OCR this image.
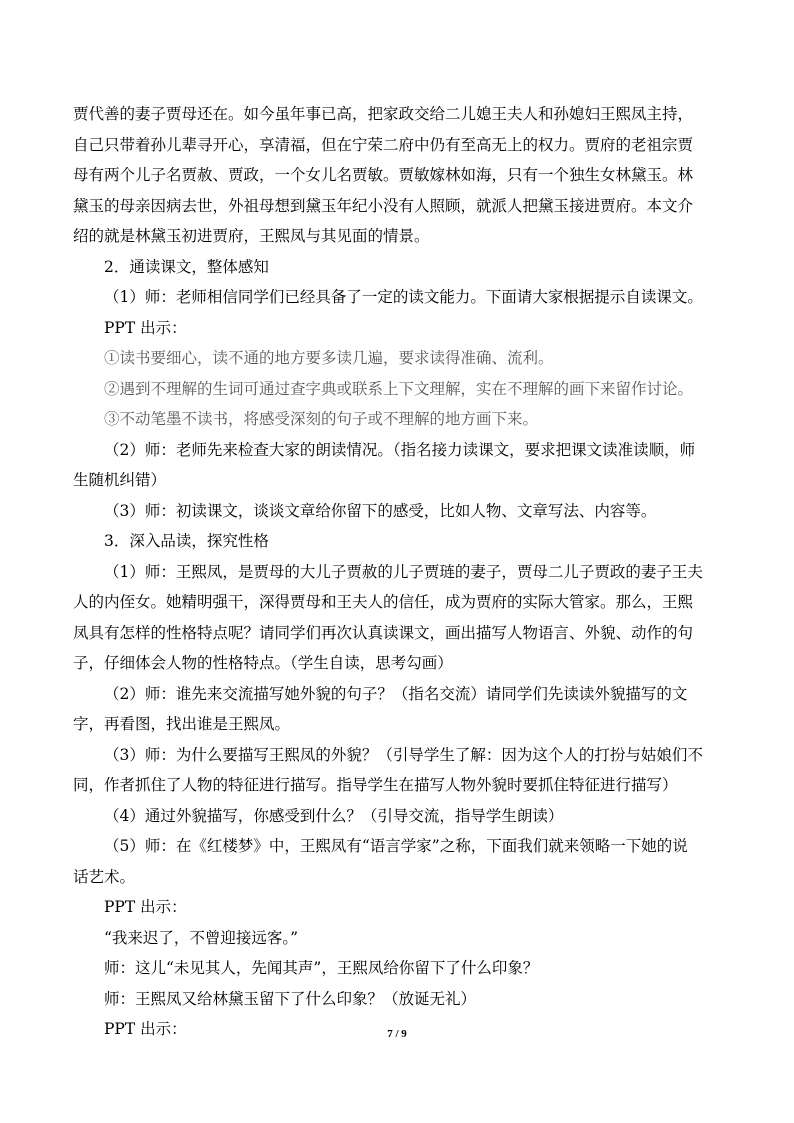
贾代善的妻子贾母还在。如今虽年事已高，把家政交给二儿媳王夫人和孙媳妇王熙凤主持，
自己只带着孙儿辈寻开心，享清福，但在宁荣二府中仍有至高无上的权力。贾府的老祖宗贾
母有两个儿子名贾赦、贾政，一个女儿名贾敏。贾敏嫁林如海，只有一个独生女林黛玉。林
黛玉的母亲因病去世，外祖母想到黛玉年纪小没有人照顾，就派人把黛玉接进贾府。本文介
绍的就是林黛玉初进贾府，王熙凤与其见面的情景。
2．通读课文，整体感知
（1）师：老师相信同学们已经具备了一定的读文能力。下面请大家根据提示自读课文。
PPT 出示：
①读书要细心，读不通的地方要多读几遍，要求读得准确、流利。
②遇到不理解的生词可通过查字典或联系上下文理解，实在不理解的画下来留作讨论。
③不动笔墨不读书，将感受深刻的句子或不理解的地方画下来。
（2）师：老师先来检查大家的朗读情况。（指名接力读课文，要求把课文读准读顺，师
生随机纠错）
（3）师：初读课文，谈谈文章给你留下的感受，比如人物、文章写法、内容等。
3．深入品读，探究性格
（1）师：王熙凤，是贾母的大儿子贾赦的儿子贾琏的妻子，贾母二儿子贾政的妻子王夫
人的内侄女。她精明强干，深得贾母和王夫人的信任，成为贾府的实际大管家。那么，王熙
凤具有怎样的性格特点呢？请同学们再次认真读课文，画出描写人物语言、外貌、动作的句
子，仔细体会人物的性格特点。（学生自读，思考勾画）
（2）师：谁先来交流描写她外貌的句子？（指名交流）请同学们先读读外貌描写的文
字，再看图，找出谁是王熙凤。
（3）师：为什么要描写王熙凤的外貌？（引导学生了解：因为这个人的打扮与姑娘们不
同，作者抓住了人物的特征进行描写。指导学生在描写人物外貌时要抓住特征进行描写）
（4）通过外貌描写，你感受到什么？（引导交流，指导学生朗读）
（5）师：在《红楼梦》中，王熙凤有“语言学家”之称，下面我们就来领略一下她的说
话艺术。
PPT 出示：
“我来迟了，不曾迎接远客。”
师：这儿“未见其人，先闻其声”，王熙凤给你留下了什么印象？
师：王熙凤又给林黛玉留下了什么印象？（放诞无礼）
PPT 出示：	7 / 9
